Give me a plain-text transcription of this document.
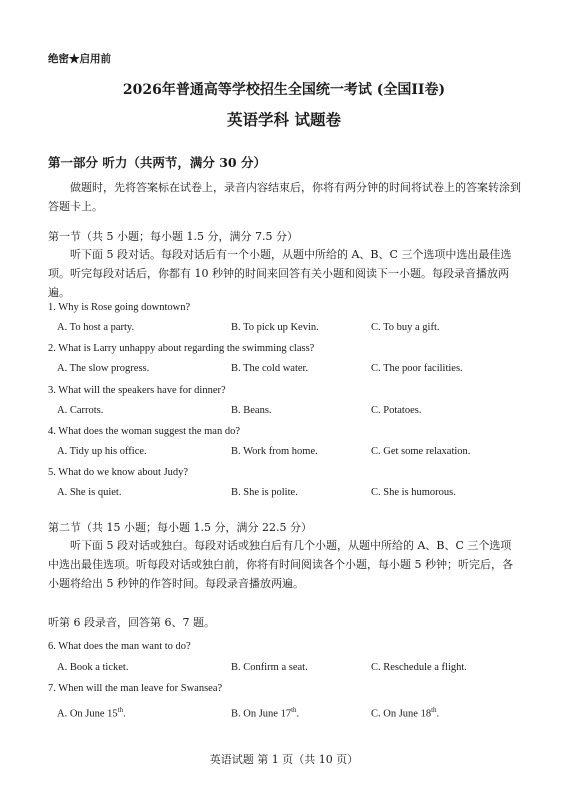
绝密★启用前
2026年普通高等学校招生全国统一考试 (全国II卷)
英语学科 试题卷
第一部分 听力（共两节，满分 30 分）
做题时，先将答案标在试卷上，录音内容结束后，你将有两分钟的时间将试卷上的答案转涂到答题卡上。
第一节（共 5 小题；每小题 1.5 分，满分 7.5 分）
听下面 5 段对话。每段对话后有一个小题，从题中所给的 A、B、C 三个选项中选出最佳选项。听完每段对话后，你都有 10 秒钟的时间来回答有关小题和阅读下一小题。每段录音播放两遍。
1. Why is Rose going downtown?
A. To host a party.	B. To pick up Kevin.	C. To buy a gift.
2. What is Larry unhappy about regarding the swimming class?
A. The slow progress.	B. The cold water.	C. The poor facilities.
3. What will the speakers have for dinner?
A. Carrots.	B. Beans.	C. Potatoes.
4. What does the woman suggest the man do?
A. Tidy up his office.	B. Work from home.	C. Get some relaxation.
5. What do we know about Judy?
A. She is quiet.	B. She is polite.	C. She is humorous.
第二节（共 15 小题；每小题 1.5 分，满分 22.5 分）
听下面 5 段对话或独白。每段对话或独白后有几个小题，从题中所给的 A、B、C 三个选项中选出最佳选项。听每段对话或独白前，你将有时间阅读各个小题，每小题 5 秒钟；听完后，各小题将给出 5 秒钟的作答时间。每段录音播放两遍。
听第 6 段录音，回答第 6、7 题。
6. What does the man want to do?
A. Book a ticket.	B. Confirm a seat.	C. Reschedule a flight.
7. When will the man leave for Swansea?
A. On June 15th.	B. On June 17th.	C. On June 18th.
英语试题 第 1 页（共 10 页）
